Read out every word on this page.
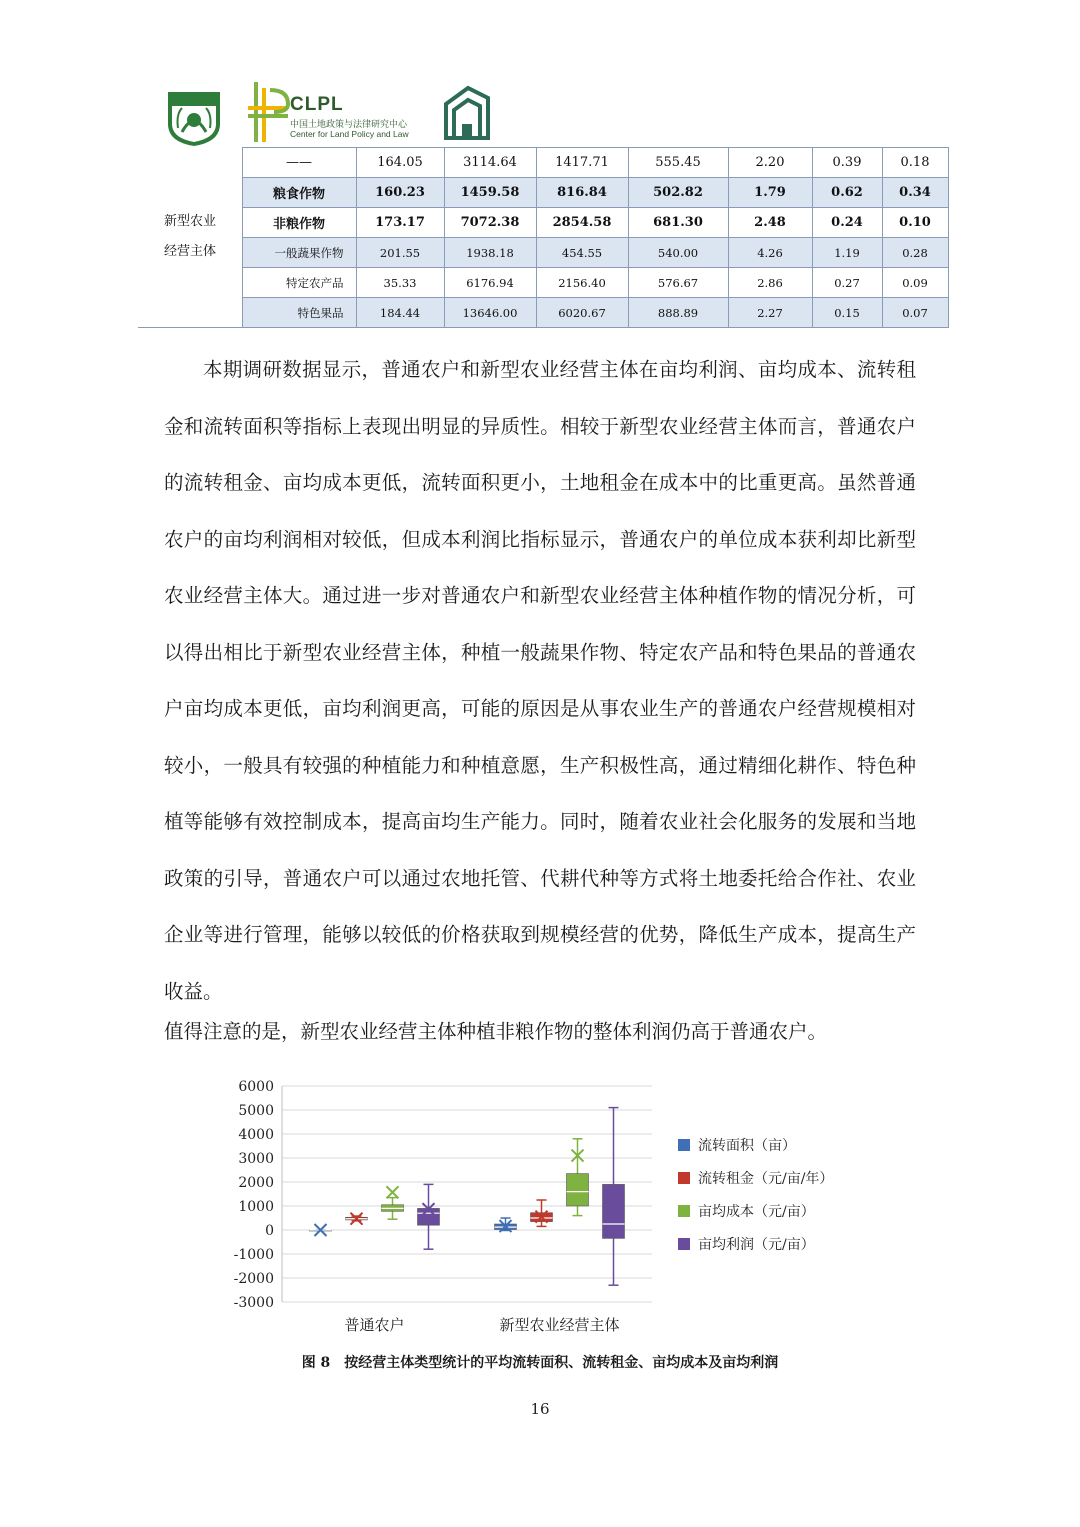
CLPL
中国土地政策与法律研究中心
Center for Land Policy and Law
新型农业
经营主体	——	164.05	3114.64	1417.71	555.45	2.20	0.39	0.18
	粮食作物	160.23	1459.58	816.84	502.82	1.79	0.62	0.34
	非粮作物	173.17	7072.38	2854.58	681.30	2.48	0.24	0.10
	一般蔬果作物	201.55	1938.18	454.55	540.00	4.26	1.19	0.28
	特定农产品	35.33	6176.94	2156.40	576.67	2.86	0.27	0.09
	特色果品	184.44	13646.00	6020.67	888.89	2.27	0.15	0.07

本期调研数据显示，普通农户和新型农业经营主体在亩均利润、亩均成本、流转租金和流转面积等指标上表现出明显的异质性。相较于新型农业经营主体而言，普通农户的流转租金、亩均成本更低，流转面积更小，土地租金在成本中的比重更高。虽然普通农户的亩均利润相对较低，但成本利润比指标显示，普通农户的单位成本获利却比新型农业经营主体大。通过进一步对普通农户和新型农业经营主体种植作物的情况分析，可以得出相比于新型农业经营主体，种植一般蔬果作物、特定农产品和特色果品的普通农户亩均成本更低，亩均利润更高，可能的原因是从事农业生产的普通农户经营规模相对较小，一般具有较强的种植能力和种植意愿，生产积极性高，通过精细化耕作、特色种植等能够有效控制成本，提高亩均生产能力。同时，随着农业社会化服务的发展和当地政策的引导，普通农户可以通过农地托管、代耕代种等方式将土地委托给合作社、农业企业等进行管理，能够以较低的价格获取到规模经营的优势，降低生产成本，提高生产收益。

值得注意的是，新型农业经营主体种植非粮作物的整体利润仍高于普通农户。

6000
5000
4000
3000
2000
1000
0
-1000
-2000
-3000
普通农户	新型农业经营主体
流转面积（亩）
流转租金（元/亩/年）
亩均成本（元/亩）
亩均利润（元/亩）
图 8　按经营主体类型统计的平均流转面积、流转租金、亩均成本及亩均利润
16
